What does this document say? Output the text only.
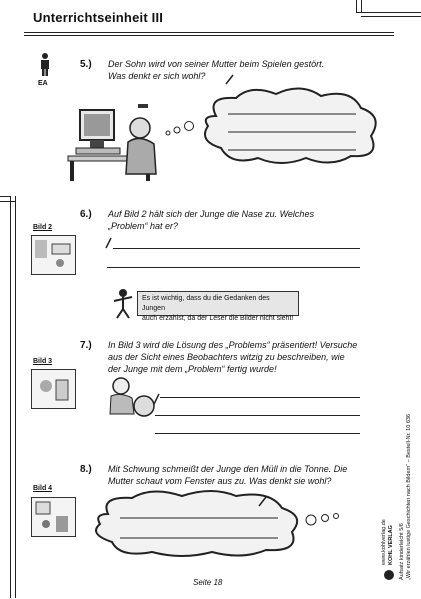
Unterrichtseinheit III
EA
5.) Der Sohn wird von seiner Mutter beim Spielen gestört.
Was denkt er sich wohl?
6.) Auf Bild 2 hält sich der Junge die Nase zu. Welches
„Problem“ hat er?
Bild 2
Es ist wichtig, dass du die Gedanken des Jungen
auch erzählst, da der Leser die Bilder nicht sieht!
7.) In Bild 3 wird die Lösung des „Problems“ präsentiert! Versuche
aus der Sicht eines Beobachters witzig zu beschreiben, wie
der Junge mit dem „Problem“ fertig wurde!
Bild 3
8.) Mit Schwung schmeißt der Junge den Müll in die Tonne. Die
Mutter schaut vom Fenster aus zu. Was denkt sie wohl?
Bild 4
Aufsatz kinderleicht 5/6 „Wir erzählen lustige Geschichten nach Bildern“ – Bestell-Nr. 10 636
KOHL VERLAG
www.kohlverlag.de
Seite 18
